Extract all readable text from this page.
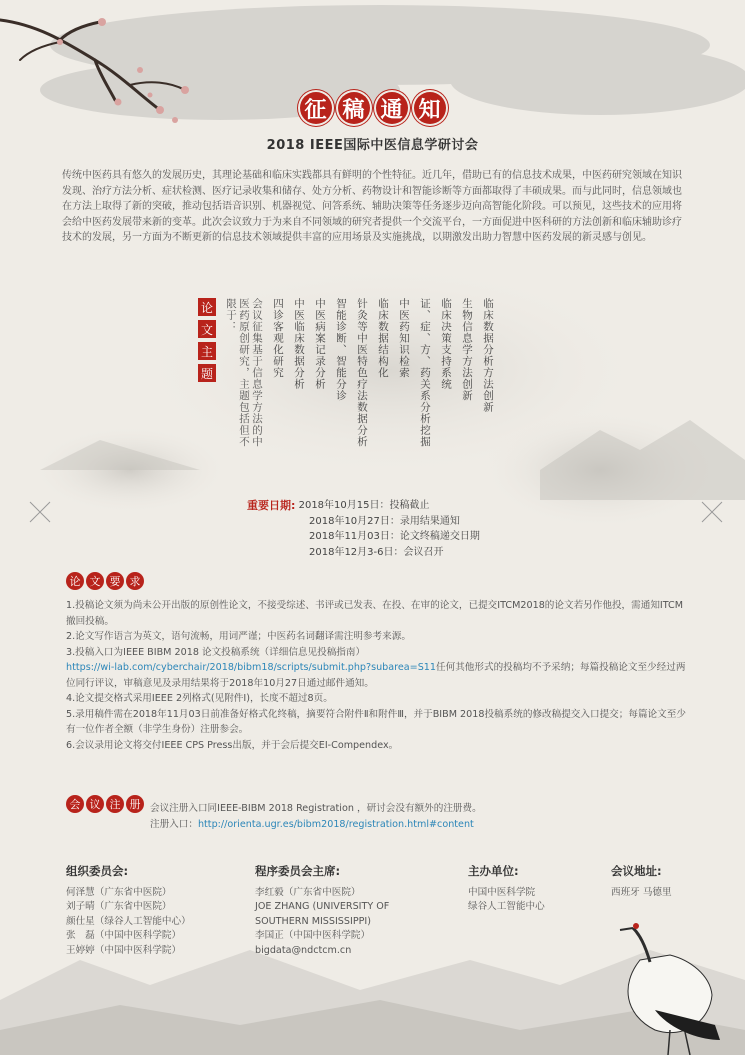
征 稿 通 知
2018 IEEE国际中医信息学研讨会
传统中医药具有悠久的发展历史，其理论基础和临床实践都具有鲜明的个性特征。近几年，借助已有的信息技术成果，中医药研究领域在知识发现、治疗方法分析、症状检测、医疗记录收集和储存、处方分析、药物设计和智能诊断等方面都取得了丰硕成果。而与此同时，信息领域也在方法上取得了新的突破，推动包括语音识别、机器视觉、问答系统、辅助决策等任务逐步迈向高智能化阶段。可以预见，这些技术的应用将会给中医药发展带来新的变革。此次会议致力于为来自不同领域的研究者提供一个交流平台，一方面促进中医科研的方法创新和临床辅助诊疗技术的发展，另一方面为不断更新的信息技术领域提供丰富的应用场景及实施挑战，以期激发出助力智慧中医药发展的新灵感与创见。
论
文
主
题	会议征集基于信息学方法的中医药原创研究，主题包括但不限于：	四诊客观化研究 中医临床数据分析 中医病案记录分析 智能诊断、智能分诊 针灸等中医特色疗法数据分析 临床数据结构化 中医药知识检索 证、症、方、药关系分析挖掘 临床决策支持系统 生物信息学方法创新 临床数据分析方法创新
重要日期:
2018年10月15日：投稿截止
2018年10月27日：录用结果通知
2018年11月03日：论文终稿递交日期
2018年12月3-6日：会议召开
论 文 要 求
1.投稿论文须为尚未公开出版的原创性论文，不接受综述、书评或已发表、在投、在审的论文，已提交ITCM2018的论文若另作他投，需通知ITCM撤回投稿。
2.论文写作语言为英文，语句流畅，用词严谨；中医药名词翻译需注明参考来源。
3.投稿入口为IEEE BIBM 2018 论文投稿系统（详细信息见投稿指南）
https://wi-lab.com/cyberchair/2018/bibm18/scripts/submit.php?subarea=S11任何其他形式的投稿均不予采纳；每篇投稿论文至少经过两位同行评议，审稿意见及录用结果将于2018年10月27日通过邮件通知。
4.论文提交格式采用IEEE 2列格式(见附件Ⅰ)，长度不超过8页。
5.录用稿件需在2018年11月03日前准备好格式化终稿，摘要符合附件Ⅱ和附件Ⅲ，并于BIBM 2018投稿系统的修改稿提交入口提交；每篇论文至少有一位作者全额（非学生身份）注册参会。
6.会议录用论文将交付IEEE CPS Press出版，并于会后提交EI-Compendex。
会 议 注 册 会议注册入口同IEEE-BIBM 2018 Registration ，研讨会没有额外的注册费。
注册入口：http://orienta.ugr.es/bibm2018/registration.html#content
组织委员会:
何泽慧（广东省中医院）
刘子晴（广东省中医院）
颜仕星（绿谷人工智能中心）
张　磊（中国中医科学院）
王婷婷（中国中医科学院）
程序委员会主席:
李红毅（广东省中医院）
JOE ZHANG (UNIVERSITY OF
SOUTHERN MISSISSIPPI)
李国正（中国中医科学院）
bigdata@ndctcm.cn
主办单位:
中国中医科学院
绿谷人工智能中心
会议地址:
西班牙 马德里
